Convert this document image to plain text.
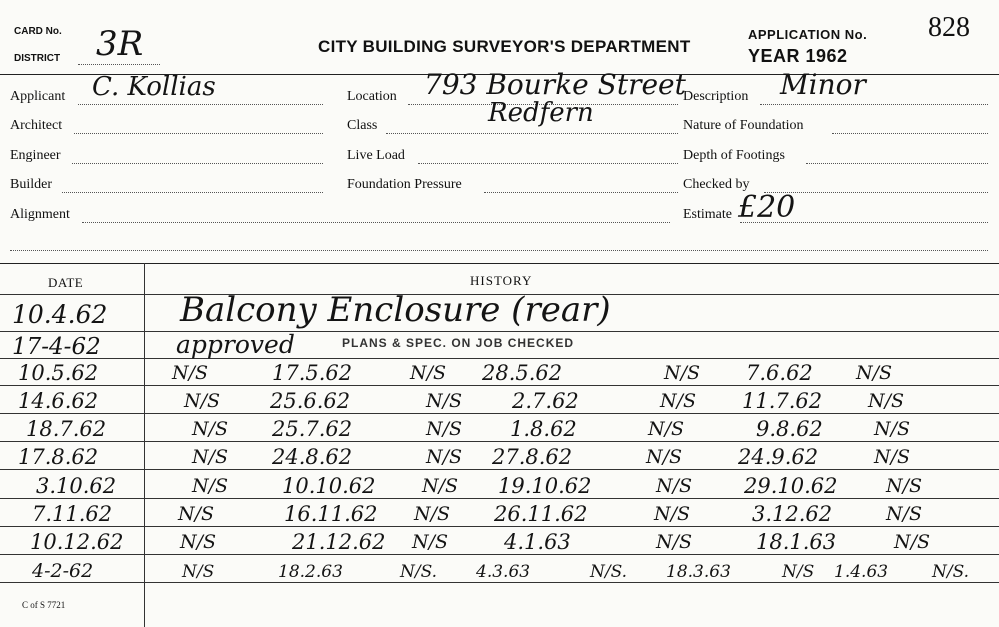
CARD No.
DISTRICT 3R	CITY BUILDING SURVEYOR'S DEPARTMENT
APPLICATION No. 828
YEAR 1962
Applicant C. Kollias
Architect
Engineer
Builder
Alignment
Location 793 Bourke Street
Redfern
Class
Live Load
Foundation Pressure
Description Minor
Nature of Foundation
Depth of Footings
Checked by
Estimate £20
DATE	HISTORY
10.4.62 Balcony Enclosure (rear)
17-4-62	approved	PLANS & SPEC. ON JOB CHECKED
10.5.62	N/S	17.5.62	N/S 28.5.62	N/S 7.6.62 N/S
14.6.62	N/S 25.6.62	N/S 2.7.62	N/S 11.7.62 N/S
18.7.62	N/S 25.7.62	N/S 1.8.62	N/S	9.8.62	N/S
17.8.62	N/S 24.8.62	N/S 27.8.62	N/S	24.9.62	N/S
3.10.62	N/S	10.10.62 N/S 19.10.62	N/S 29.10.62	N/S
7.11.62	N/S	16.11.62 N/S 26.11.62	N/S	3.12.62	N/S
10.12.62	N/S	21.12.62 N/S	4.1.63	N/S	18.1.63	N/S
4-2-62	N/S	18.2.63	N/S. 4.3.63	N/S. 18.3.63	N/S 1.4.63	N/S.
C of S 7721
